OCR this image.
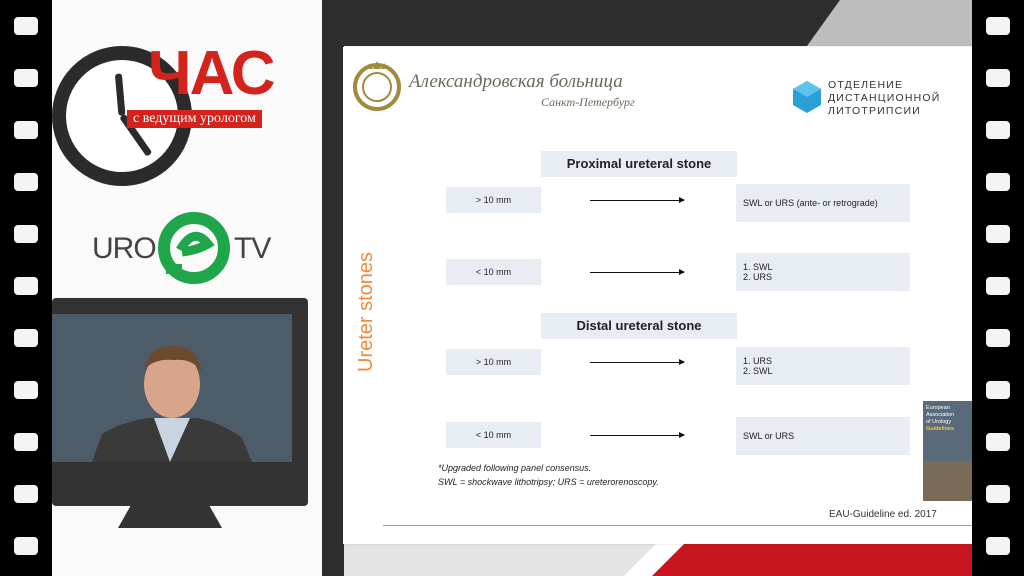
ЧАС
с ведущим урологом
URO	TV
Александровская больница
Санкт-Петербург
ОТДЕЛЕНИЕ
ДИСТАНЦИОННОЙ
ЛИТОТРИПСИИ
Ureter stones
Proximal ureteral stone
> 10 mm	SWL or URS (ante- or retrograde)
< 10 mm	1. SWL
2. URS
Distal ureteral stone
> 10 mm	1. URS
2. SWL
< 10 mm	SWL or URS
*Upgraded following panel consensus.
SWL = shockwave lithotripsy; URS = ureterorenoscopy.
European
Association
of Urology
Guidelines
EAU-Guideline ed. 2017
